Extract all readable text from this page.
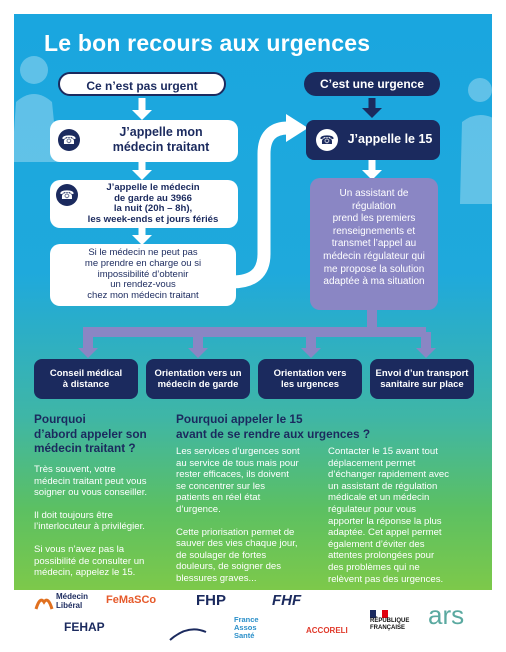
Le bon recours aux urgences
Ce n’est pas urgent	C’est une urgence
☎
J’appelle mon
médecin traitant
☎
J’appelle le médecin
de garde au 3966
la nuit (20h – 8h),
les week-ends et jours fériés
Si le médecin ne peut pas
me prendre en charge ou si
impossibilité d’obtenir
un rendez-vous
chez mon médecin traitant
☎	J’appelle le 15
Un assistant de régulation
prend les premiers
renseignements et
transmet l’appel au
médecin régulateur qui
me propose la solution
adaptée à ma situation
Conseil médical
à distance
Orientation vers un
médecin de garde
Orientation vers
les urgences
Envoi d’un transport
sanitaire sur place
Pourquoi
d’abord appeler son
médecin traitant ?

Très souvent, votre
médecin traitant peut vous
soigner ou vous conseiller.

Il doit toujours être
l’interlocuteur à privilégier.

Si vous n’avez pas la
possibilité de consulter un
médecin, appelez le 15.

Pourquoi appeler le 15
avant de se rendre aux urgences ?

Les services d’urgences sont
au service de tous mais pour
rester efficaces, ils doivent
se concentrer sur les
patients en réel état
d’urgence.

Cette priorisation permet de
sauver des vies chaque jour,
de soulager de fortes
douleurs, de soigner des
blessures graves...

Contacter le 15 avant tout
déplacement permet
d’échanger rapidement avec
un assistant de régulation
médicale et un médecin
régulateur pour vous
apporter la réponse la plus
adaptée. Cet appel permet
également d’éviter des
attentes prolongées pour
des problèmes qui ne
relèvent pas des urgences.
Médecin
Libéral	FeMaSCo	FHP	FHF
FEHAP
France
Assos
Santé
ACCORELI
RÉPUBLIQUE
FRANÇAISE ars
